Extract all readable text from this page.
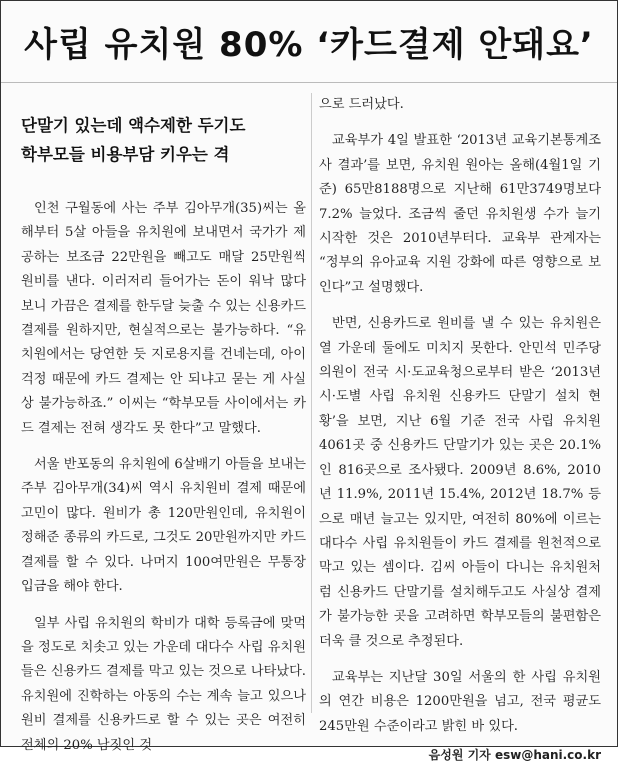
사립 유치원 80% ‘카드결제 안돼요’
단말기 있는데 액수제한 두기도
학부모들 비용부담 키우는 격

인천 구월동에 사는 주부 김아무개(35)씨는 올해부터 5살 아들을 유치원에 보내면서 국가가 제공하는 보조금 22만원을 빼고도 매달 25만원씩 원비를 낸다. 이러저리 들어가는 돈이 워낙 많다 보니 가끔은 결제를 한두달 늦출 수 있는 신용카드 결제를 원하지만, 현실적으로는 불가능하다. “유치원에서는 당연한 듯 지로용지를 건네는데, 아이 걱정 때문에 카드 결제는 안 되냐고 묻는 게 사실상 불가능하죠.” 이씨는 “학부모들 사이에서는 카드 결제는 전혀 생각도 못 한다”고 말했다.

서울 반포동의 유치원에 6살배기 아들을 보내는 주부 김아무개(34)씨 역시 유치원비 결제 때문에 고민이 많다. 원비가 총 120만원인데, 유치원이 정해준 종류의 카드로, 그것도 20만원까지만 카드 결제를 할 수 있다. 나머지 100여만원은 무통장 입금을 해야 한다.

일부 사립 유치원의 학비가 대학 등록금에 맞먹을 정도로 치솟고 있는 가운데 대다수 사립 유치원들은 신용카드 결제를 막고 있는 것으로 나타났다. 유치원에 진학하는 아동의 수는 계속 늘고 있으나 원비 결제를 신용카드로 할 수 있는 곳은 여전히 전체의 20% 남짓인 것

으로 드러났다.

교육부가 4일 발표한 ‘2013년 교육기본통계조사 결과’를 보면, 유치원 원아는 올해(4월1일 기준) 65만8188명으로 지난해 61만3749명보다 7.2% 늘었다. 조금씩 줄던 유치원생 수가 늘기 시작한 것은 2010년부터다. 교육부 관계자는 “정부의 유아교육 지원 강화에 따른 영향으로 보인다”고 설명했다.

반면, 신용카드로 원비를 낼 수 있는 유치원은 열 가운데 둘에도 미치지 못한다. 안민석 민주당 의원이 전국 시·도교육청으로부터 받은 ‘2013년 시·도별 사립 유치원 신용카드 단말기 설치 현황’을 보면, 지난 6월 기준 전국 사립 유치원 4061곳 중 신용카드 단말기가 있는 곳은 20.1%인 816곳으로 조사됐다. 2009년 8.6%, 2010년 11.9%, 2011년 15.4%, 2012년 18.7% 등으로 매년 늘고는 있지만, 여전히 80%에 이르는 대다수 사립 유치원들이 카드 결제를 원천적으로 막고 있는 셈이다. 김씨 아들이 다니는 유치원처럼 신용카드 단말기를 설치해두고도 사실상 결제가 불가능한 곳을 고려하면 학부모들의 불편함은 더욱 클 것으로 추정된다.

교육부는 지난달 30일 서울의 한 사립 유치원의 연간 비용은 1200만원을 넘고, 전국 평균도 245만원 수준이라고 밝힌 바 있다.

음성원 기자 esw@hani.co.kr
